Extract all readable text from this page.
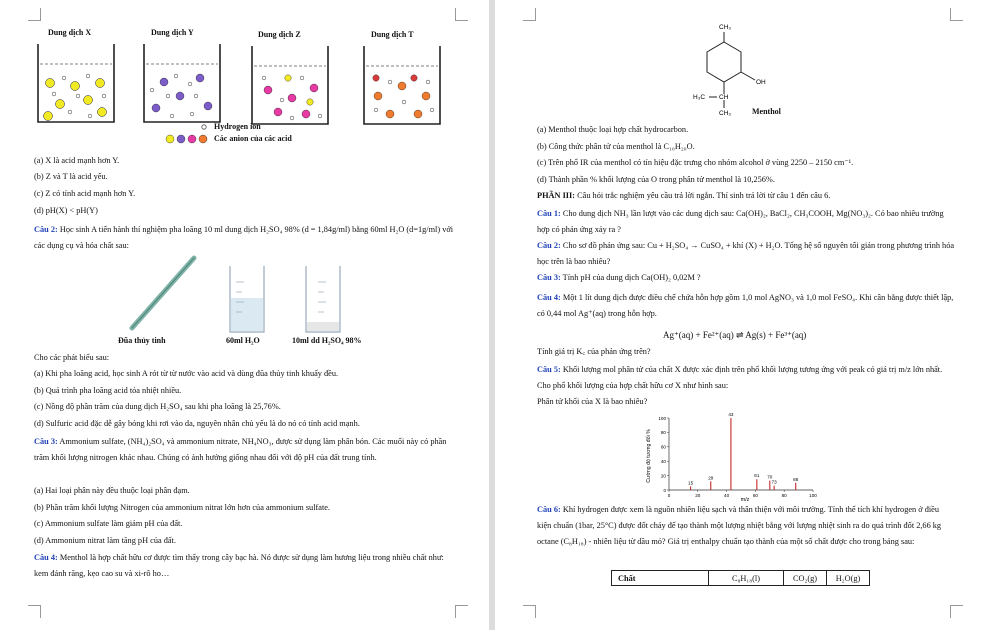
Dung dịch X	Dung dịch Y	Dung dịch Z	Dung dịch T
Hydrogen ion
Các anion của các acid
(a) X là acid mạnh hơn Y.
(b) Z và T là acid yếu.
(c) Z có tính acid mạnh hơn Y.
(d) pH(X) < pH(Y)
Câu 2: Học sinh A tiến hành thí nghiệm pha loãng 10 ml dung dịch H₂SO₄ 98% (d = 1,84g/ml) bằng 60ml H₂O (d=1g/ml) với các dụng cụ và hóa chất sau:
Đũa thủy tinh	60ml H₂O	10ml dd H₂SO₄ 98%
Cho các phát biểu sau:
(a) Khi pha loãng acid, học sinh A rót từ từ nước vào acid và dùng đũa thủy tinh khuấy đều.
(b) Quá trình pha loãng acid tỏa nhiệt nhiều.
(c) Nồng độ phần trăm của dung dịch H₂SO₄ sau khi pha loãng là 25,76%.
(d) Sulfuric acid đặc dễ gây bỏng khi rơi vào da, nguyên nhân chủ yếu là do nó có tính acid mạnh.
Câu 3: Ammonium sulfate, (NH₄)₂SO₄ và ammonium nitrate, NH₄NO₃, được sử dụng làm phân bón. Các muối này có phần trăm khối lượng nitrogen khác nhau. Chúng có ảnh hưởng giống nhau đối với độ pH của đất trung tính.
(a) Hai loại phân này đều thuộc loại phân đạm.
(b) Phần trăm khối lượng Nitrogen của ammonium nitrat lớn hơn của ammonium sulfate.
(c) Ammonium sulfate làm giảm pH của đất.
(d) Ammonium nitrat làm tăng pH của đất.
Câu 4: Menthol là hợp chất hữu cơ được tìm thấy trong cây bạc hà. Nó được sử dụng làm hương liệu trong nhiều chất như: kem đánh răng, kẹo cao su và xi-rô ho…
CH₃
OH
H₃C CH
CH₃	Menthol
(a) Menthol thuộc loại hợp chất hydrocarbon.
(b) Công thức phân tử của menthol là C₁₀H₂₀O.
(c) Trên phổ IR của menthol có tín hiệu đặc trưng cho nhóm alcohol ở vùng 2250 – 2150 cm⁻¹.
(d) Thành phần % khối lượng của O trong phân tử menthol là 10,256%.
PHẦN III: Câu hỏi trắc nghiệm yêu cầu trả lời ngắn. Thí sinh trả lời từ câu 1 đến câu 6.
Câu 1: Cho dung dịch NH₃ lần lượt vào các dung dịch sau: Ca(OH)₂, BaCl₂, CH₃COOH, Mg(NO₃)₂. Có bao nhiêu trường hợp có phản ứng xảy ra ?
Câu 2: Cho sơ đồ phản ứng sau: Cu + H₂SO₄ → CuSO₄ + khí (X) + H₂O. Tổng hệ số nguyên tối giản trong phương trình hóa học trên là bao nhiêu?
Câu 3: Tính pH của dung dịch Ca(OH)₂ 0,02M ?
Câu 4: Một 1 lít dung dịch được điều chế chứa hỗn hợp gồm 1,0 mol AgNO₃ và 1,0 mol FeSO₄. Khi cân bằng được thiết lập, có 0,44 mol Ag⁺(aq) trong hỗn hợp.
Ag⁺(aq) + Fe²⁺(aq) ⇌ Ag(s) + Fe³⁺(aq)
Tính giá trị K꜀ của phản ứng trên?
Câu 5: Khối lượng mol phân tử của chất X được xác định trên phổ khối lượng tương ứng với peak có giá trị m/z lớn nhất. Cho phổ khối lượng của hợp chất hữu cơ X như hình sau:
Phân tử khối của X là bao nhiêu?
Cường độ tương đối %
m/z
0
20
40
60
80
100
0	20	40	60	80	100
15
29
43
61 70
73
88
Câu 6: Khí hydrogen được xem là nguồn nhiên liệu sạch và thân thiện với môi trường. Tính thể tích khí hydrogen ở điều kiện chuẩn (1bar, 25°C) được đốt cháy để tạo thành một lượng nhiệt bằng với lượng nhiệt sinh ra do quá trình đốt 2,66 kg octane (C₈H₁₈) - nhiên liệu từ dầu mỏ? Giá trị enthalpy chuẩn tạo thành của một số chất được cho trong bảng sau:
Chất	C₈H₁₈(l)	CO₂(g)	H₂O(g)
